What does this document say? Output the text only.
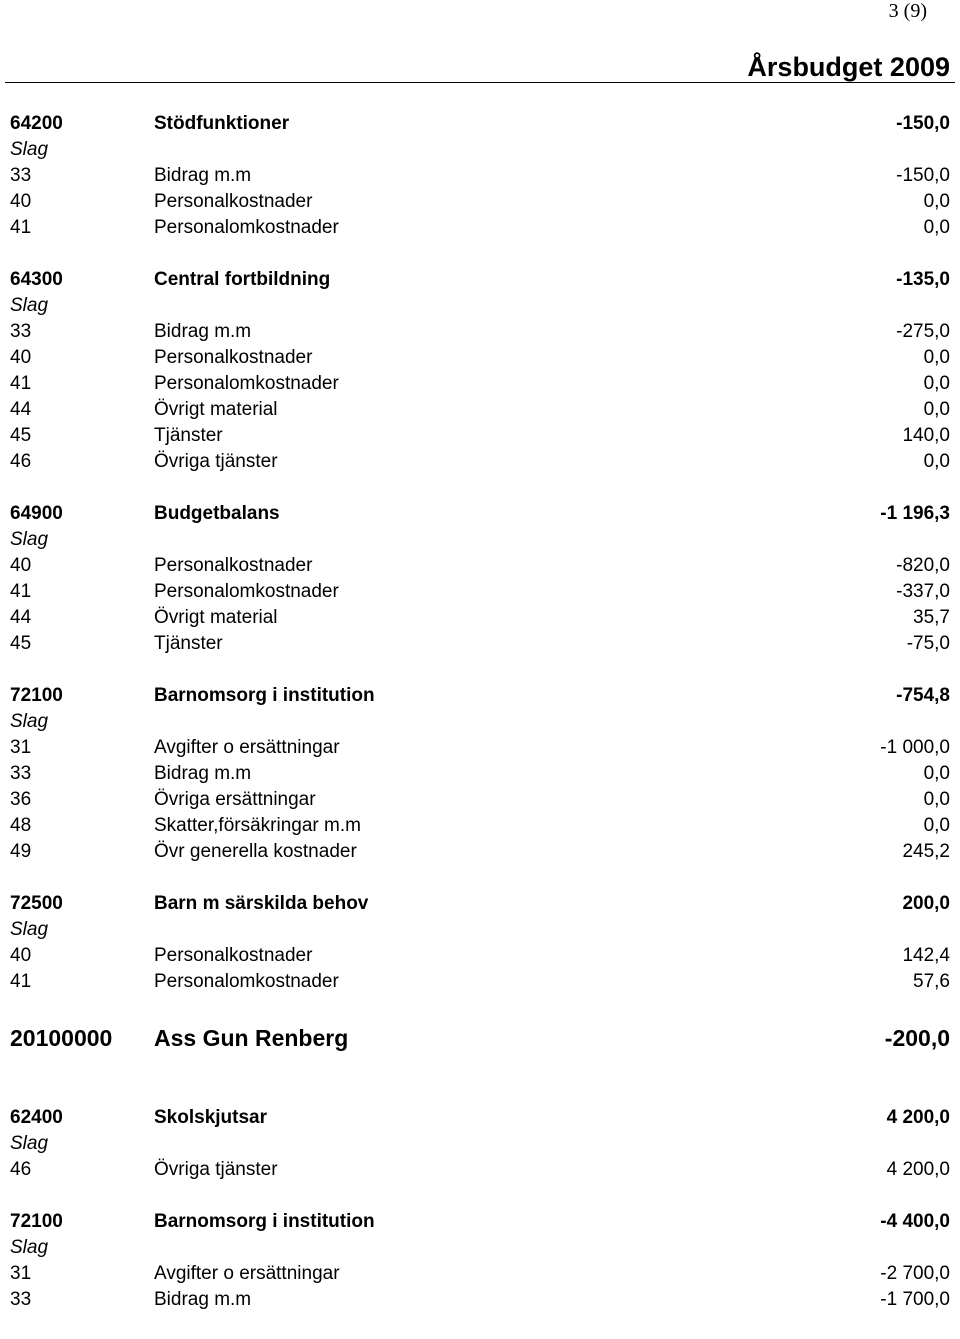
3 (9)
Årsbudget 2009
64200	Stödfunktioner	-150,0
Slag
33	Bidrag m.m	-150,0
40	Personalkostnader	0,0
41	Personalomkostnader	0,0
64300	Central fortbildning	-135,0
Slag
33	Bidrag m.m	-275,0
40	Personalkostnader	0,0
41	Personalomkostnader	0,0
44	Övrigt material	0,0
45	Tjänster	140,0
46	Övriga tjänster	0,0
64900	Budgetbalans	-1 196,3
Slag
40	Personalkostnader	-820,0
41	Personalomkostnader	-337,0
44	Övrigt material	35,7
45	Tjänster	-75,0
72100	Barnomsorg i institution	-754,8
Slag
31	Avgifter o ersättningar	-1 000,0
33	Bidrag m.m	0,0
36	Övriga ersättningar	0,0
48	Skatter,försäkringar m.m	0,0
49	Övr generella kostnader	245,2
72500	Barn m särskilda behov	200,0
Slag
40	Personalkostnader	142,4
41	Personalomkostnader	57,6
20100000 Ass Gun Renberg	-200,0
62400	Skolskjutsar	4 200,0
Slag
46	Övriga tjänster	4 200,0
72100	Barnomsorg i institution	-4 400,0
Slag
31	Avgifter o ersättningar	-2 700,0
33	Bidrag m.m	-1 700,0
